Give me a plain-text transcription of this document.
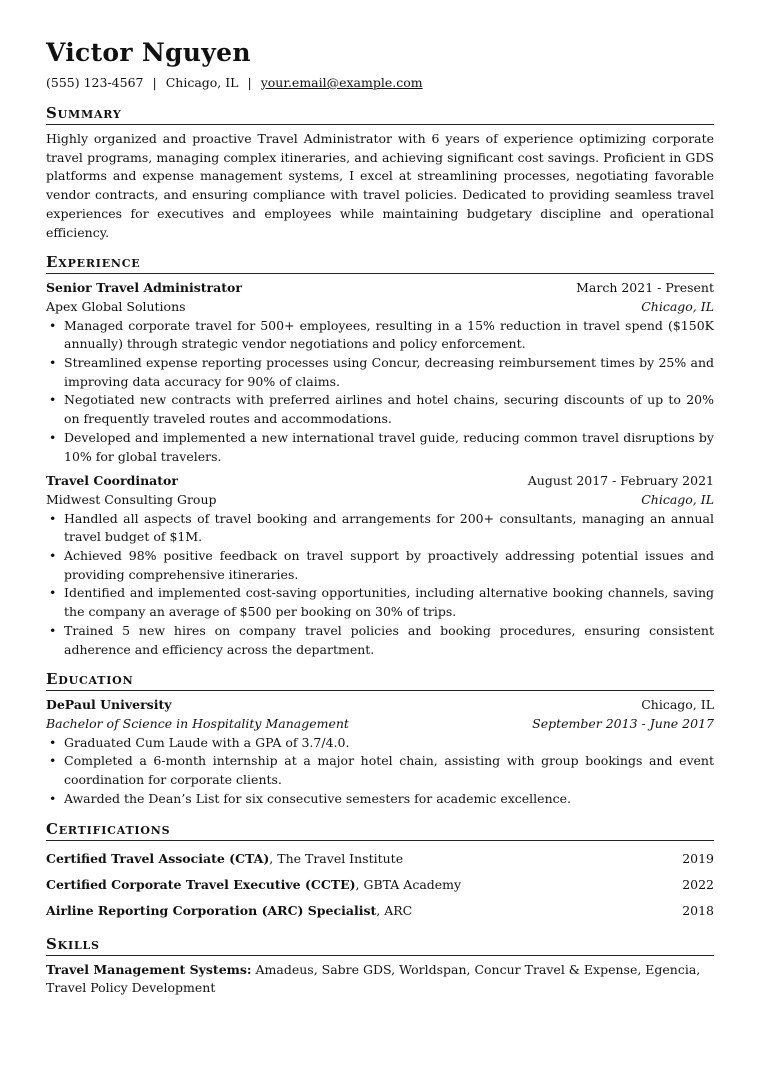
Victor Nguyen
(555) 123-4567 | Chicago, IL | your.email@example.com
Summary

Highly organized and proactive Travel Administrator with 6 years of experience optimizing corporate travel programs, managing complex itineraries, and achieving significant cost savings. Proficient in GDS platforms and expense management systems, I excel at streamlining processes, negotiating favorable vendor contracts, and ensuring compliance with travel policies. Dedicated to providing seamless travel experiences for executives and employees while maintaining budgetary discipline and operational efficiency.

Experience
Senior Travel Administrator	March 2021 - Present
Apex Global Solutions	Chicago, IL
• Managed corporate travel for 500+ employees, resulting in a 15% reduction in travel spend ($150K annually) through strategic vendor negotiations and policy enforcement.
• Streamlined expense reporting processes using Concur, decreasing reimbursement times by 25% and improving data accuracy for 90% of claims.
• Negotiated new contracts with preferred airlines and hotel chains, securing discounts of up to 20% on frequently traveled routes and accommodations.
• Developed and implemented a new international travel guide, reducing common travel disruptions by 10% for global travelers.
Travel Coordinator	August 2017 - February 2021
Midwest Consulting Group	Chicago, IL
• Handled all aspects of travel booking and arrangements for 200+ consultants, managing an annual travel budget of $1M.
• Achieved 98% positive feedback on travel support by proactively addressing potential issues and providing comprehensive itineraries.
• Identified and implemented cost-saving opportunities, including alternative booking channels, saving the company an average of $500 per booking on 30% of trips.
• Trained 5 new hires on company travel policies and booking procedures, ensuring consistent adherence and efficiency across the department.
Education
DePaul University	Chicago, IL
Bachelor of Science in Hospitality Management	September 2013 - June 2017
• Graduated Cum Laude with a GPA of 3.7/4.0.
• Completed a 6-month internship at a major hotel chain, assisting with group bookings and event coordination for corporate clients.
• Awarded the Dean’s List for six consecutive semesters for academic excellence.
Certifications
Certified Travel Associate (CTA), The Travel Institute	2019
Certified Corporate Travel Executive (CCTE), GBTA Academy	2022
Airline Reporting Corporation (ARC) Specialist, ARC	2018
Skills
Travel Management Systems: Amadeus, Sabre GDS, Worldspan, Concur Travel & Expense, Egencia, Travel Policy Development
